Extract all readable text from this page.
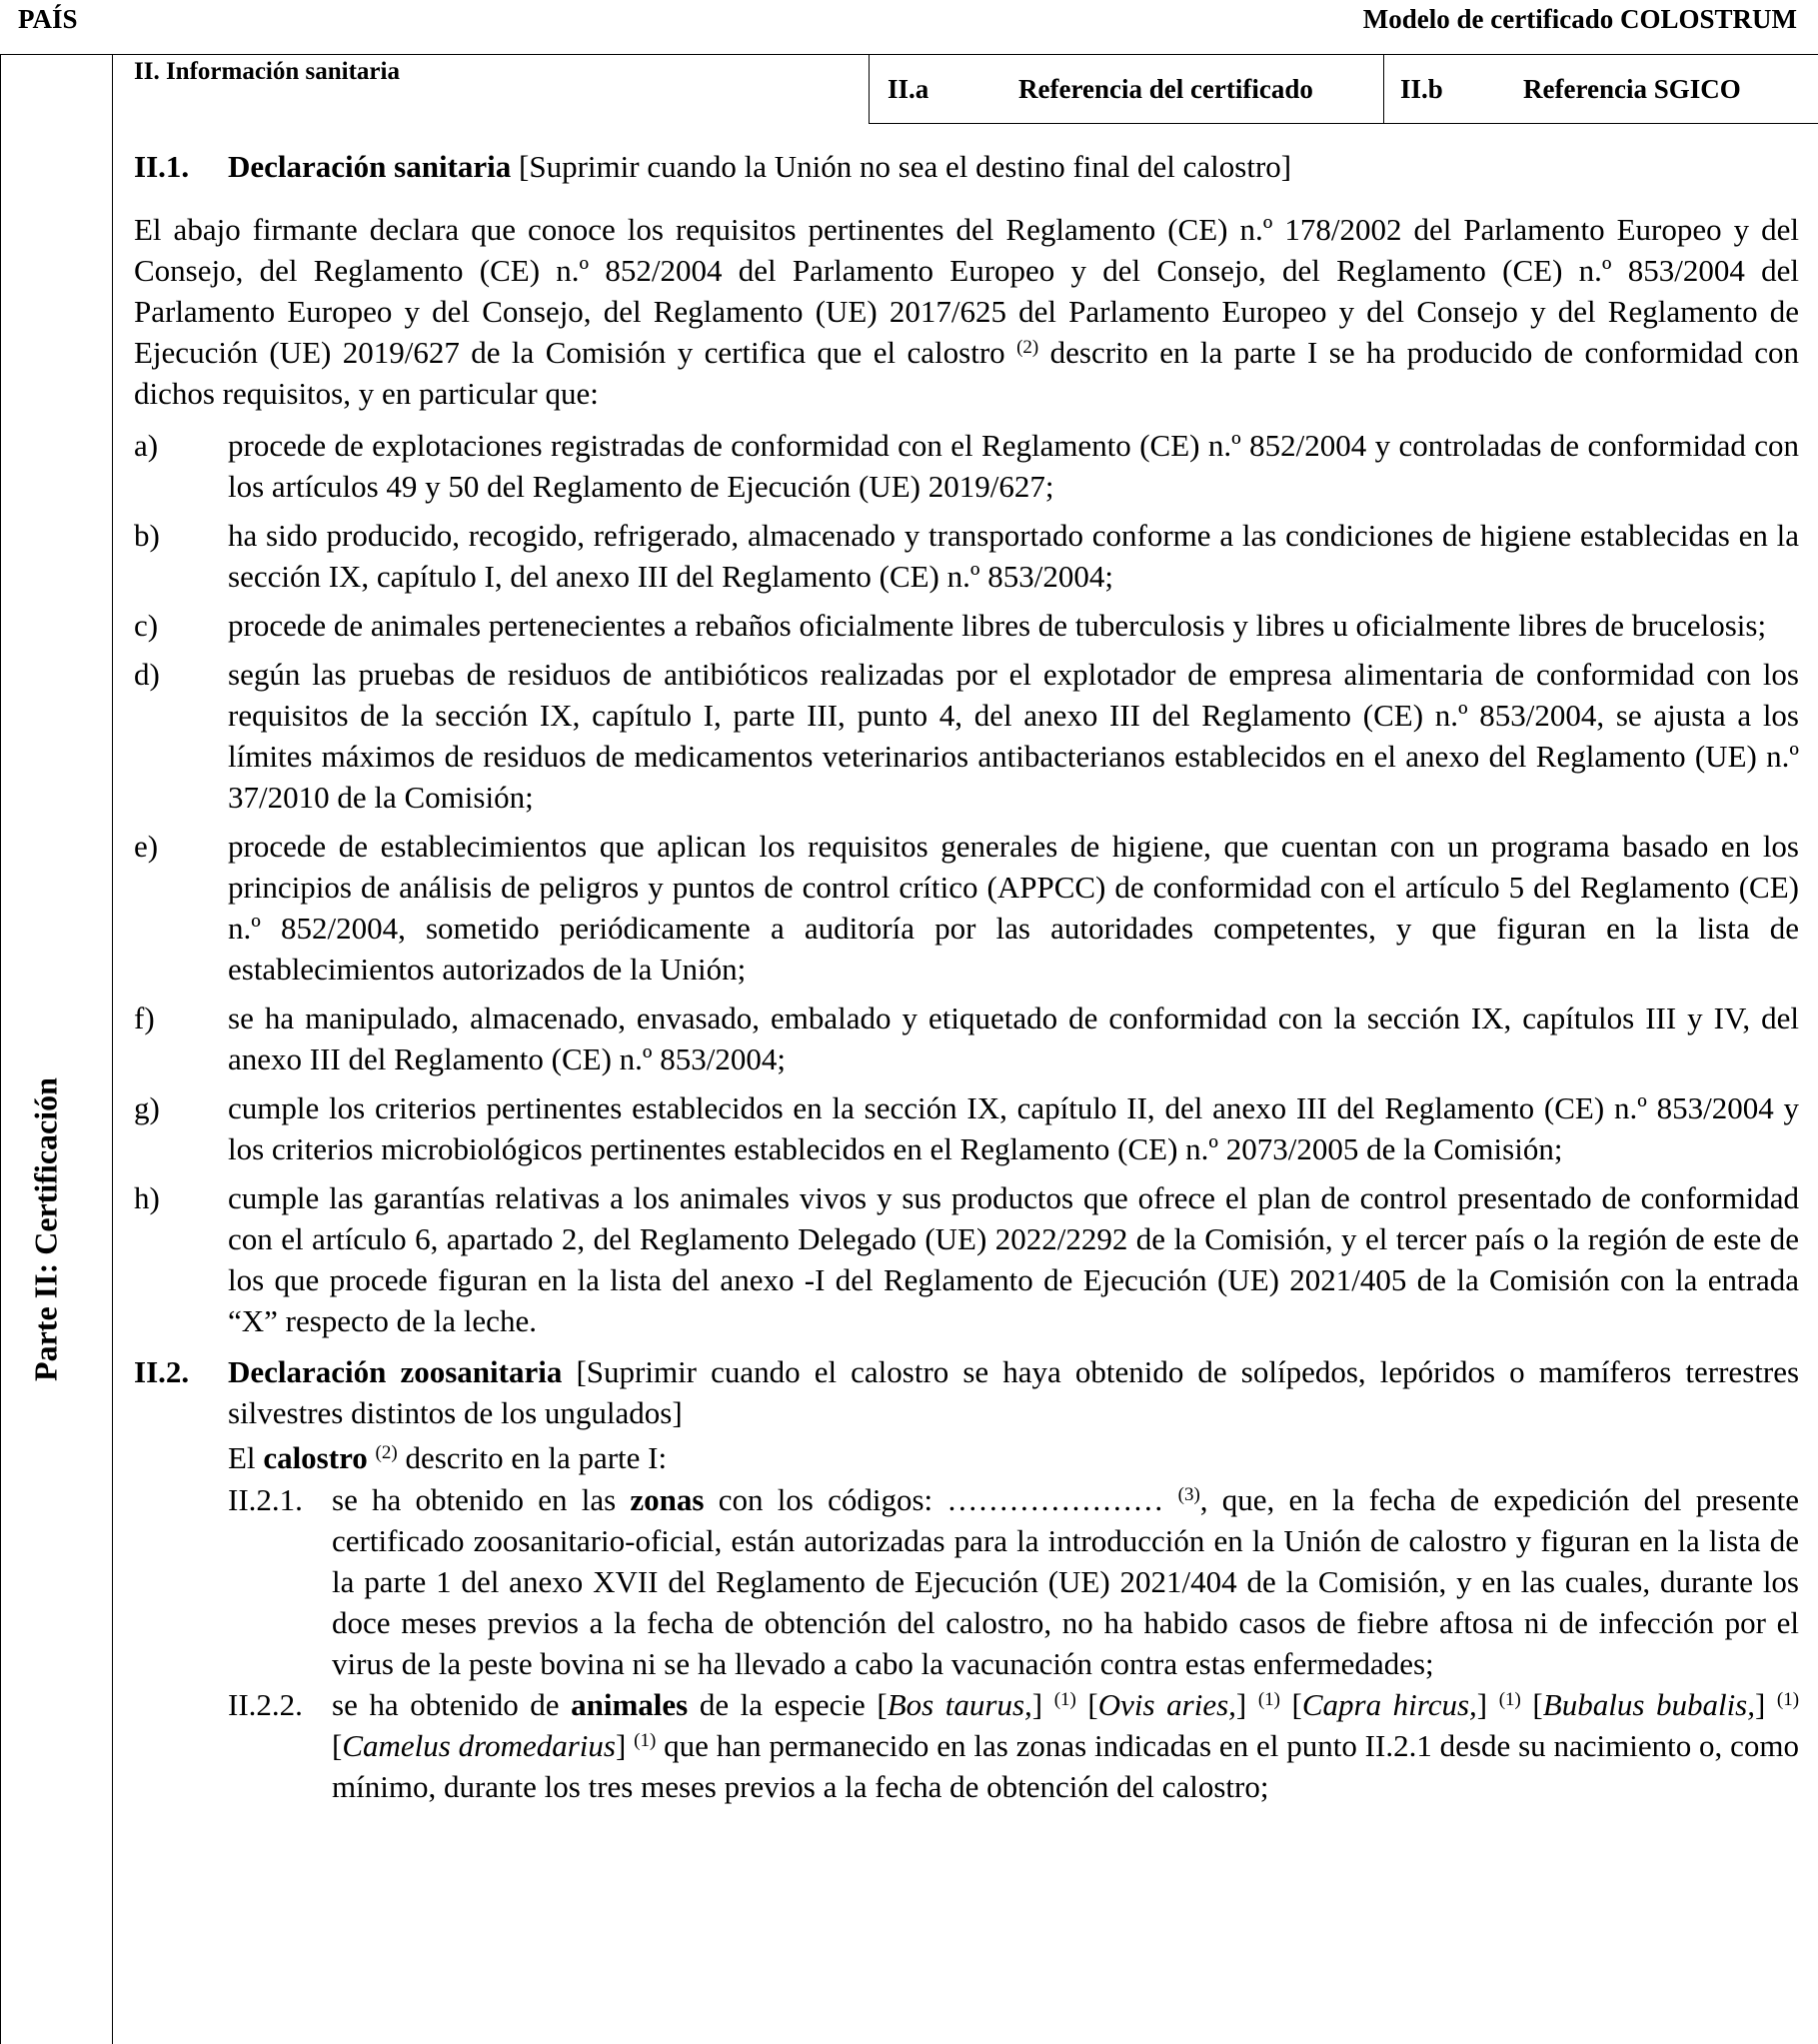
PAÍS	Modelo de certificado COLOSTRUM
Parte II: Certificación
II. Información sanitaria
II.a	Referencia del certificado	II.b	Referencia SGICO
II.1.	Declaración sanitaria [Suprimir cuando la Unión no sea el destino final del calostro]

El abajo firmante declara que conoce los requisitos pertinentes del Reglamento (CE) n.º 178/2002 del Parlamento Europeo y del Consejo, del Reglamento (CE) n.º 852/2004 del Parlamento Europeo y del Consejo, del Reglamento (CE) n.º 853/2004 del Parlamento Europeo y del Consejo, del Reglamento (UE) 2017/625 del Parlamento Europeo y del Consejo y del Reglamento de Ejecución (UE) 2019/627 de la Comisión y certifica que el calostro $^{(2)}$ descrito en la parte I se ha producido de conformidad con dichos requisitos, y en particular que:

a)	procede de explotaciones registradas de conformidad con el Reglamento (CE) n.º 852/2004 y controladas de conformidad con los artículos 49 y 50 del Reglamento de Ejecución (UE) 2019/627;
b)	ha sido producido, recogido, refrigerado, almacenado y transportado conforme a las condiciones de higiene establecidas en la sección IX, capítulo I, del anexo III del Reglamento (CE) n.º 853/2004;
c)	procede de animales pertenecientes a rebaños oficialmente libres de tuberculosis y libres u oficialmente libres de brucelosis;
d)	según las pruebas de residuos de antibióticos realizadas por el explotador de empresa alimentaria de conformidad con los requisitos de la sección IX, capítulo I, parte III, punto 4, del anexo III del Reglamento (CE) n.º 853/2004, se ajusta a los límites máximos de residuos de medicamentos veterinarios antibacterianos establecidos en el anexo del Reglamento (UE) n.º 37/2010 de la Comisión;
e)	procede de establecimientos que aplican los requisitos generales de higiene, que cuentan con un programa basado en los principios de análisis de peligros y puntos de control crítico (APPCC) de conformidad con el artículo 5 del Reglamento (CE) n.º 852/2004, sometido periódicamente a auditoría por las autoridades competentes, y que figuran en la lista de establecimientos autorizados de la Unión;
f)	se ha manipulado, almacenado, envasado, embalado y etiquetado de conformidad con la sección IX, capítulos III y IV, del anexo III del Reglamento (CE) n.º 853/2004;
g)	cumple los criterios pertinentes establecidos en la sección IX, capítulo II, del anexo III del Reglamento (CE) n.º 853/2004 y los criterios microbiológicos pertinentes establecidos en el Reglamento (CE) n.º 2073/2005 de la Comisión;
h)	cumple las garantías relativas a los animales vivos y sus productos que ofrece el plan de control presentado de conformidad con el artículo 6, apartado 2, del Reglamento Delegado (UE) 2022/2292 de la Comisión, y el tercer país o la región de este de los que procede figuran en la lista del anexo -I del Reglamento de Ejecución (UE) 2021/405 de la Comisión con la entrada “X” respecto de la leche.
II.2.	Declaración zoosanitaria [Suprimir cuando el calostro se haya obtenido de solípedos, lepóridos o mamíferos terrestres silvestres distintos de los ungulados]

El calostro $^{(2)}$ descrito en la parte I:

II.2.1. se ha obtenido en las zonas con los códigos: ………………… $^{(3)}$, que, en la fecha de expedición del presente certificado zoosanitario-oficial, están autorizadas para la introducción en la Unión de calostro y figuran en la lista de la parte 1 del anexo XVII del Reglamento de Ejecución (UE) 2021/404 de la Comisión, y en las cuales, durante los doce meses previos a la fecha de obtención del calostro, no ha habido casos de fiebre aftosa ni de infección por el virus de la peste bovina ni se ha llevado a cabo la vacunación contra estas enfermedades;
II.2.2. se ha obtenido de animales de la especie [Bos taurus,] $^{(1)}$ [Ovis aries,] $^{(1)}$ [Capra hircus,] $^{(1)}$ [Bubalus bubalis,] $^{(1)}$ [Camelus dromedarius] $^{(1)}$ que han permanecido en las zonas indicadas en el punto II.2.1 desde su nacimiento o, como mínimo, durante los tres meses previos a la fecha de obtención del calostro;
